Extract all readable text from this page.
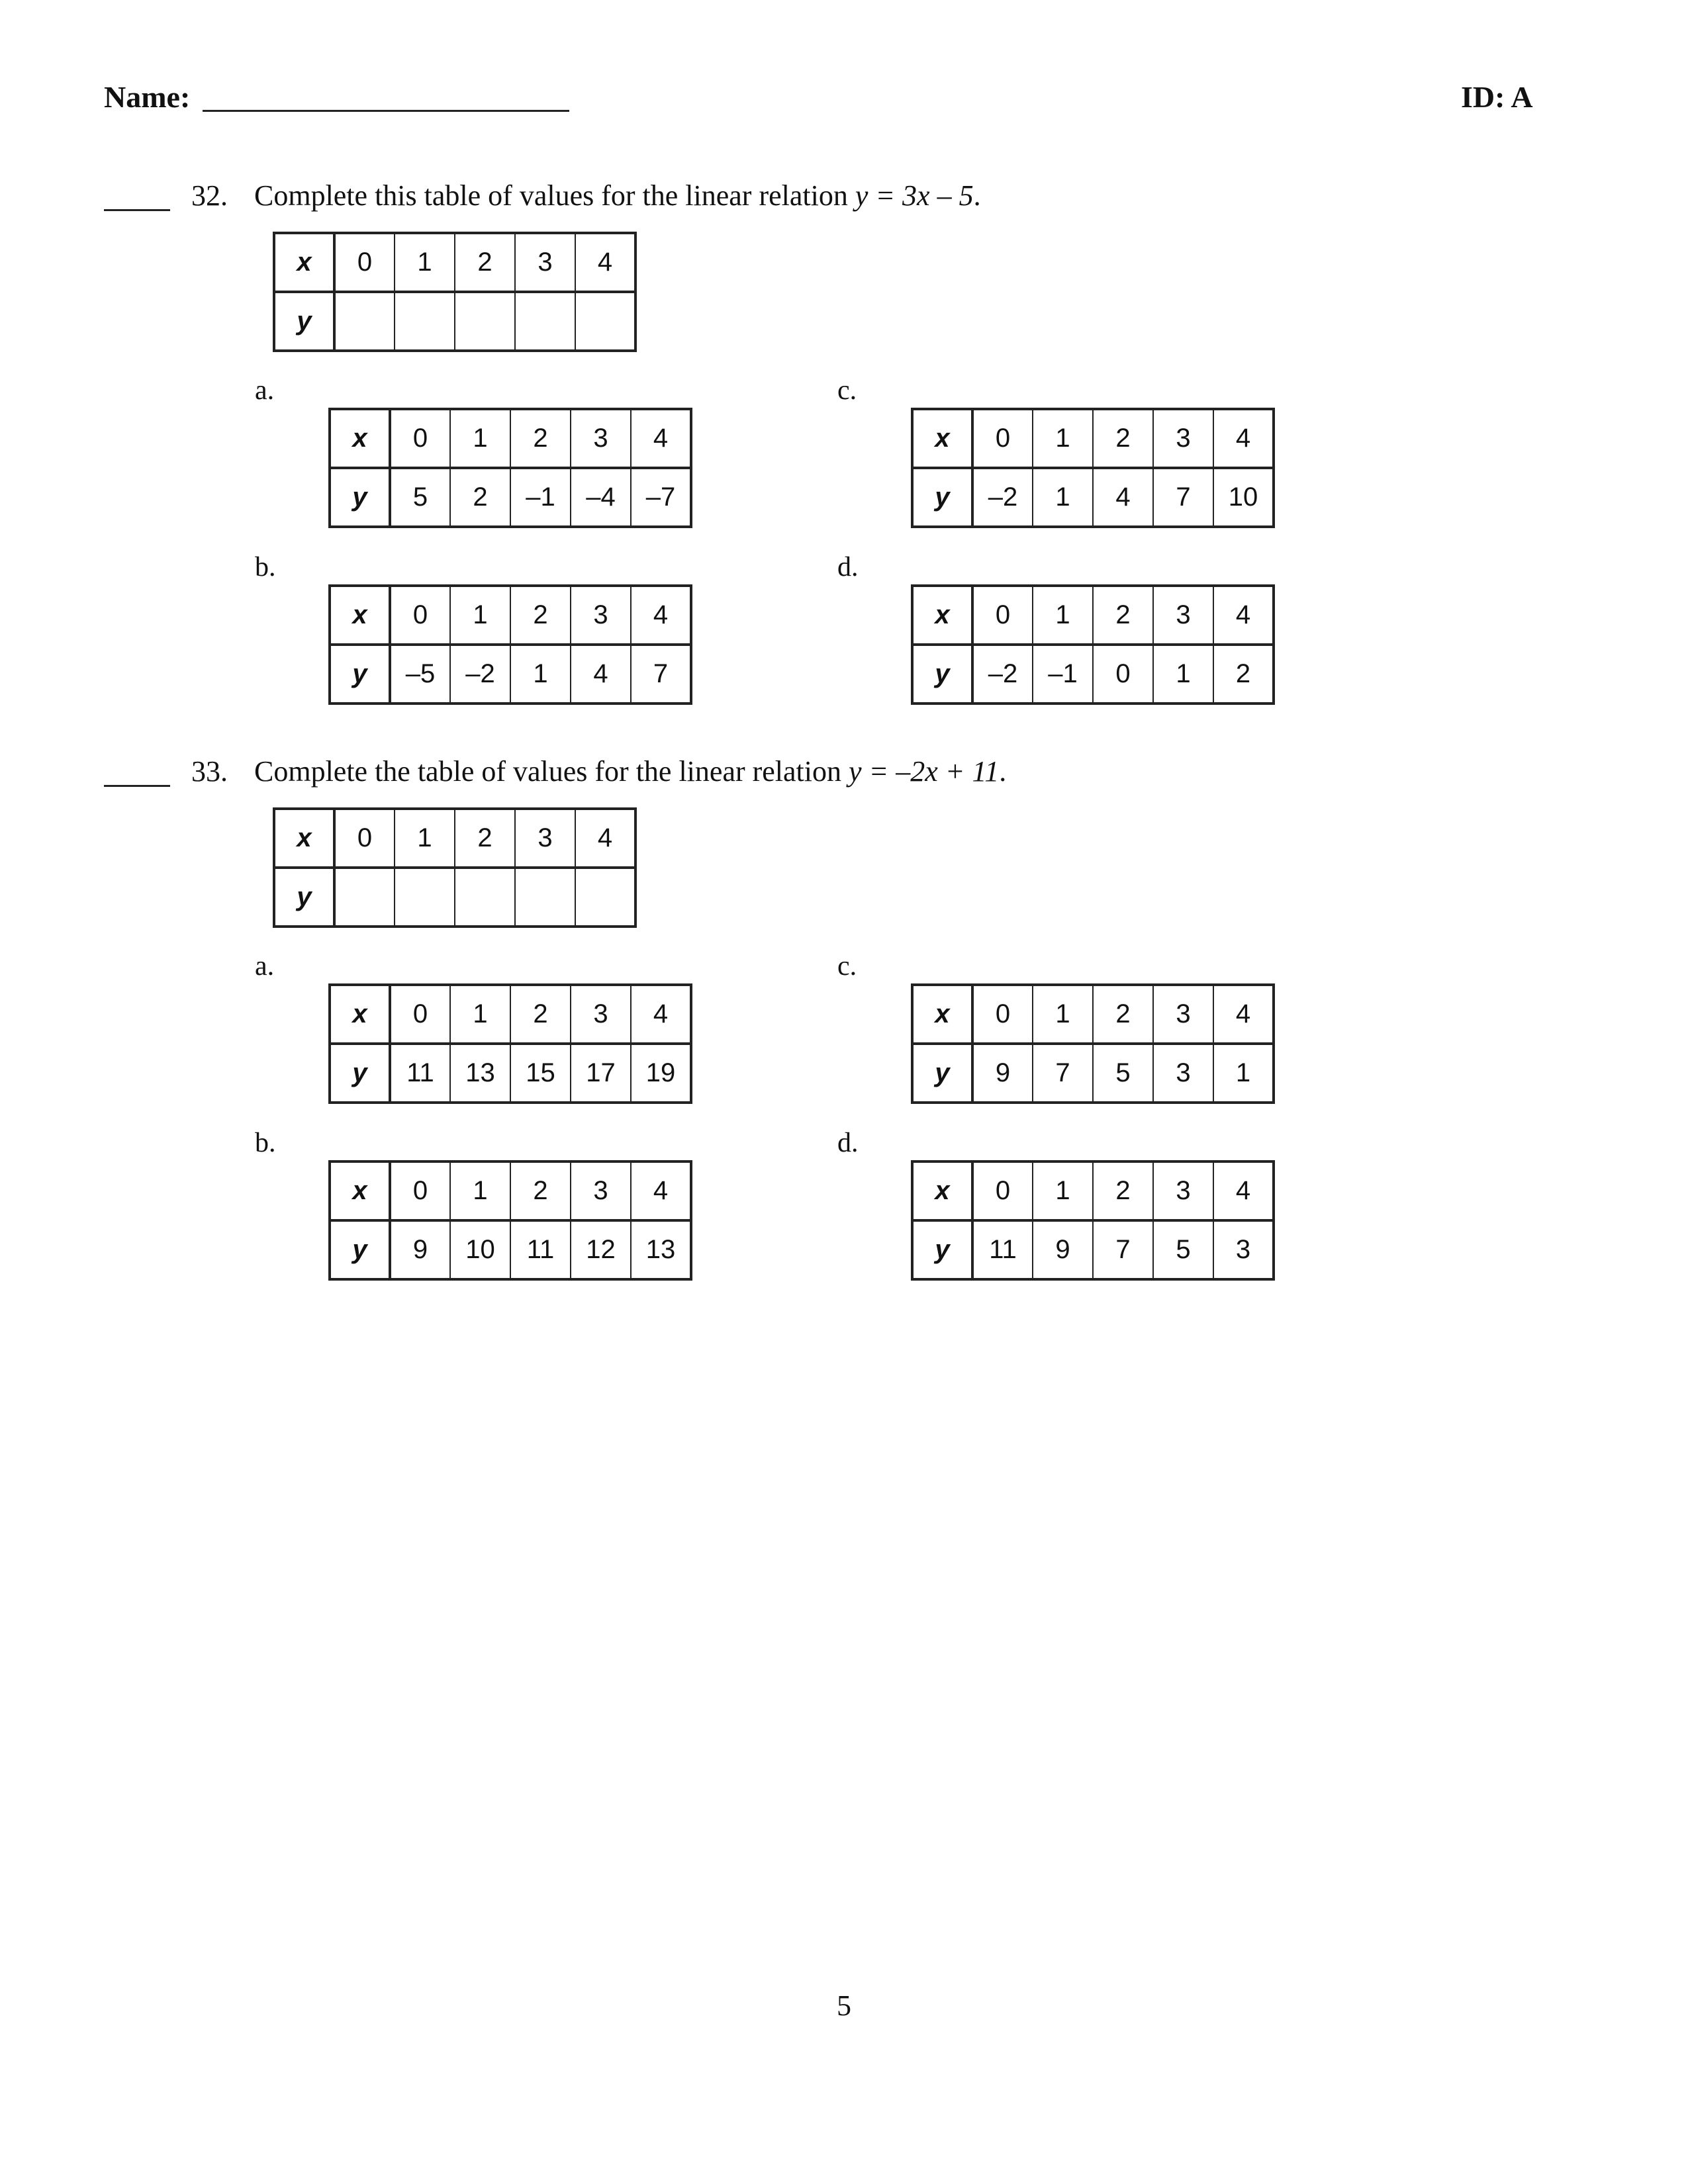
Name:	ID: A
32. Complete this table of values for the linear relation y = 3x – 5.
a.
b.
c.
d.
33. Complete the table of values for the linear relation y = –2x + 11.
a.
b.
c.
d.
5
x	0	1	2	3	4
y					
x	0	1	2	3	4
y	5	2	–1	–4	–7
x	0	1	2	3	4
y	–5	–2	1	4	7
x	0	1	2	3	4
y	–2	1	4	7	10
x	0	1	2	3	4
y	–2	–1	0	1	2
x	0	1	2	3	4
y					
x	0	1	2	3	4
y	11	13	15	17	19
x	0	1	2	3	4
y	9	10	11	12	13
x	0	1	2	3	4
y	9	7	5	3	1
x	0	1	2	3	4
y	11	9	7	5	3
